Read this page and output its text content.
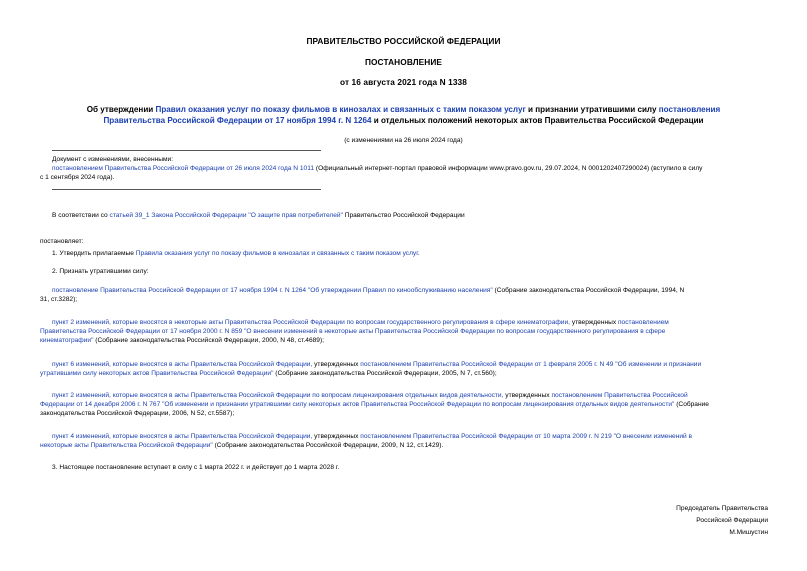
ПРАВИТЕЛЬСТВО РОССИЙСКОЙ ФЕДЕРАЦИИ
ПОСТАНОВЛЕНИЕ
от 16 августа 2021 года N 1338
Об утверждении Правил оказания услуг по показу фильмов в кинозалах и связанных с таким показом услуг и признании утратившими силу постановления
Правительства Российской Федерации от 17 ноября 1994 г. N 1264 и отдельных положений некоторых актов Правительства Российской Федерации
(с изменениями на 26 июля 2024 года)
Документ с изменениями, внесенными:
постановлением Правительства Российской Федерации от 26 июля 2024 года N 1011 (Официальный интернет-портал правовой информации www.pravo.gov.ru, 29.07.2024, N 0001202407290024) (вступило в силу
с 1 сентября 2024 года).
В соответствии со статьей 39_1 Закона Российской Федерации "О защите прав потребителей" Правительство Российской Федерации
постановляет:
1. Утвердить прилагаемые Правила оказания услуг по показу фильмов в кинозалах и связанных с таким показом услуг.
2. Признать утратившими силу:
постановление Правительства Российской Федерации от 17 ноября 1994 г. N 1264 "Об утверждении Правил по кинообслуживанию населения" (Собрание законодательства Российской Федерации, 1994, N
31, ст.3282);
пункт 2 изменений, которые вносятся в некоторые акты Правительства Российской Федерации по вопросам государственного регулирования в сфере кинематографии, утвержденных постановлением
Правительства Российской Федерации от 17 ноября 2000 г. N 859 "О внесении изменений в некоторые акты Правительства Российской Федерации по вопросам государственного регулирования в сфере
кинематографии" (Собрание законодательства Российской Федерации, 2000, N 48, ст.4689);
пункт 6 изменений, которые вносятся в акты Правительства Российской Федерации, утвержденных постановлением Правительства Российской Федерации от 1 февраля 2005 г. N 49 "Об изменении и признании
утратившими силу некоторых актов Правительства Российской Федерации" (Собрание законодательства Российской Федерации, 2005, N 7, ст.560);
пункт 2 изменений, которые вносятся в акты Правительства Российской Федерации по вопросам лицензирования отдельных видов деятельности, утвержденных постановлением Правительства Российской
Федерации от 14 декабря 2006 г. N 767 "Об изменении и признании утратившими силу некоторых актов Правительства Российской Федерации по вопросам лицензирования отдельных видов деятельности" (Собрание
законодательства Российской Федерации, 2006, N 52, ст.5587);
пункт 4 изменений, которые вносятся в акты Правительства Российской Федерации, утвержденных постановлением Правительства Российской Федерации от 10 марта 2009 г. N 219 "О внесении изменений в
некоторые акты Правительства Российской Федерации" (Собрание законодательства Российской Федерации, 2009, N 12, ст.1429).
3. Настоящее постановление вступает в силу с 1 марта 2022 г. и действует до 1 марта 2028 г.
Председатель Правительства
Российской Федерации
М.Мишустин
